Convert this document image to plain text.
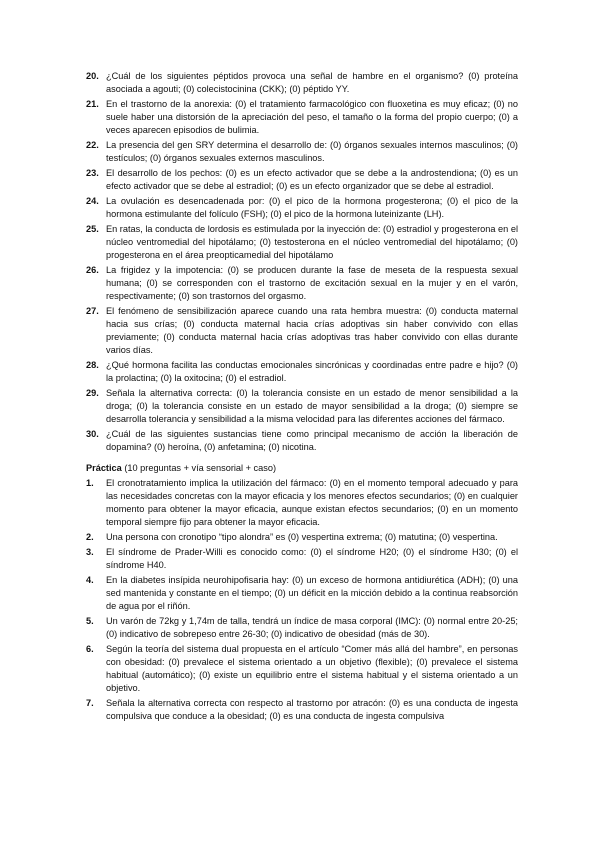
20. ¿Cuál de los siguientes péptidos provoca una señal de hambre en el organismo? (0) proteína asociada a agouti; (0) colecistocinina (CKK); (0) péptido YY.
21. En el trastorno de la anorexia: (0) el tratamiento farmacológico con fluoxetina es muy eficaz; (0) no suele haber una distorsión de la apreciación del peso, el tamaño o la forma del propio cuerpo; (0) a veces aparecen episodios de bulimia.
22. La presencia del gen SRY determina el desarrollo de: (0) órganos sexuales internos masculinos; (0) testículos; (0) órganos sexuales externos masculinos.
23. El desarrollo de los pechos: (0) es un efecto activador que se debe a la androstendiona; (0) es un efecto activador que se debe al estradiol; (0) es un efecto organizador que se debe al estradiol.
24. La ovulación es desencadenada por: (0) el pico de la hormona progesterona; (0) el pico de la hormona estimulante del folículo (FSH); (0) el pico de la hormona luteinizante (LH).
25. En ratas, la conducta de lordosis es estimulada por la inyección de: (0) estradiol y progesterona en el núcleo ventromedial del hipotálamo; (0) testosterona en el núcleo ventromedial del hipotálamo; (0) progesterona en el área preopticamedial del hipotálamo
26. La frigidez y la impotencia: (0) se producen durante la fase de meseta de la respuesta sexual humana; (0) se corresponden con el trastorno de excitación sexual en la mujer y en el varón, respectivamente; (0) son trastornos del orgasmo.
27. El fenómeno de sensibilización aparece cuando una rata hembra muestra: (0) conducta maternal hacia sus crías; (0) conducta maternal hacia crías adoptivas sin haber convivido con ellas previamente; (0) conducta maternal hacia crías adoptivas tras haber convivido con ellas durante varios días.
28. ¿Qué hormona facilita las conductas emocionales sincrónicas y coordinadas entre padre e hijo? (0) la prolactina; (0) la oxitocina; (0) el estradiol.
29. Señala la alternativa correcta: (0) la tolerancia consiste en un estado de menor sensibilidad a la droga; (0) la tolerancia consiste en un estado de mayor sensibilidad a la droga; (0) siempre se desarrolla tolerancia y sensibilidad a la misma velocidad para las diferentes acciones del fármaco.
30. ¿Cuál de las siguientes sustancias tiene como principal mecanismo de acción la liberación de dopamina? (0) heroína, (0) anfetamina; (0) nicotina.
Práctica (10 preguntas + vía sensorial + caso)
1. El cronotratamiento implica la utilización del fármaco: (0) en el momento temporal adecuado y para las necesidades concretas con la mayor eficacia y los menores efectos secundarios; (0) en cualquier momento para obtener la mayor eficacia, aunque existan efectos secundarios; (0) en un momento temporal siempre fijo para obtener la mayor eficacia.
2. Una persona con cronotipo “tipo alondra” es (0) vespertina extrema; (0) matutina; (0) vespertina.
3. El síndrome de Prader-Willi es conocido como: (0) el síndrome H20; (0) el síndrome H30; (0) el síndrome H40.
4. En la diabetes insípida neurohipofisaria hay: (0) un exceso de hormona antidiurética (ADH); (0) una sed mantenida y constante en el tiempo; (0) un déficit en la micción debido a la continua reabsorción de agua por el riñón.
5. Un varón de 72kg y 1,74m de talla, tendrá un índice de masa corporal (IMC): (0) normal entre 20-25; (0) indicativo de sobrepeso entre 26-30; (0) indicativo de obesidad (más de 30).
6. Según la teoría del sistema dual propuesta en el artículo “Comer más allá del hambre”, en personas con obesidad: (0) prevalece el sistema orientado a un objetivo (flexible); (0) prevalece el sistema habitual (automático); (0) existe un equilibrio entre el sistema habitual y el sistema orientado a un objetivo.
7. Señala la alternativa correcta con respecto al trastorno por atracón: (0) es una conducta de ingesta compulsiva que conduce a la obesidad; (0) es una conducta de ingesta compulsiva
